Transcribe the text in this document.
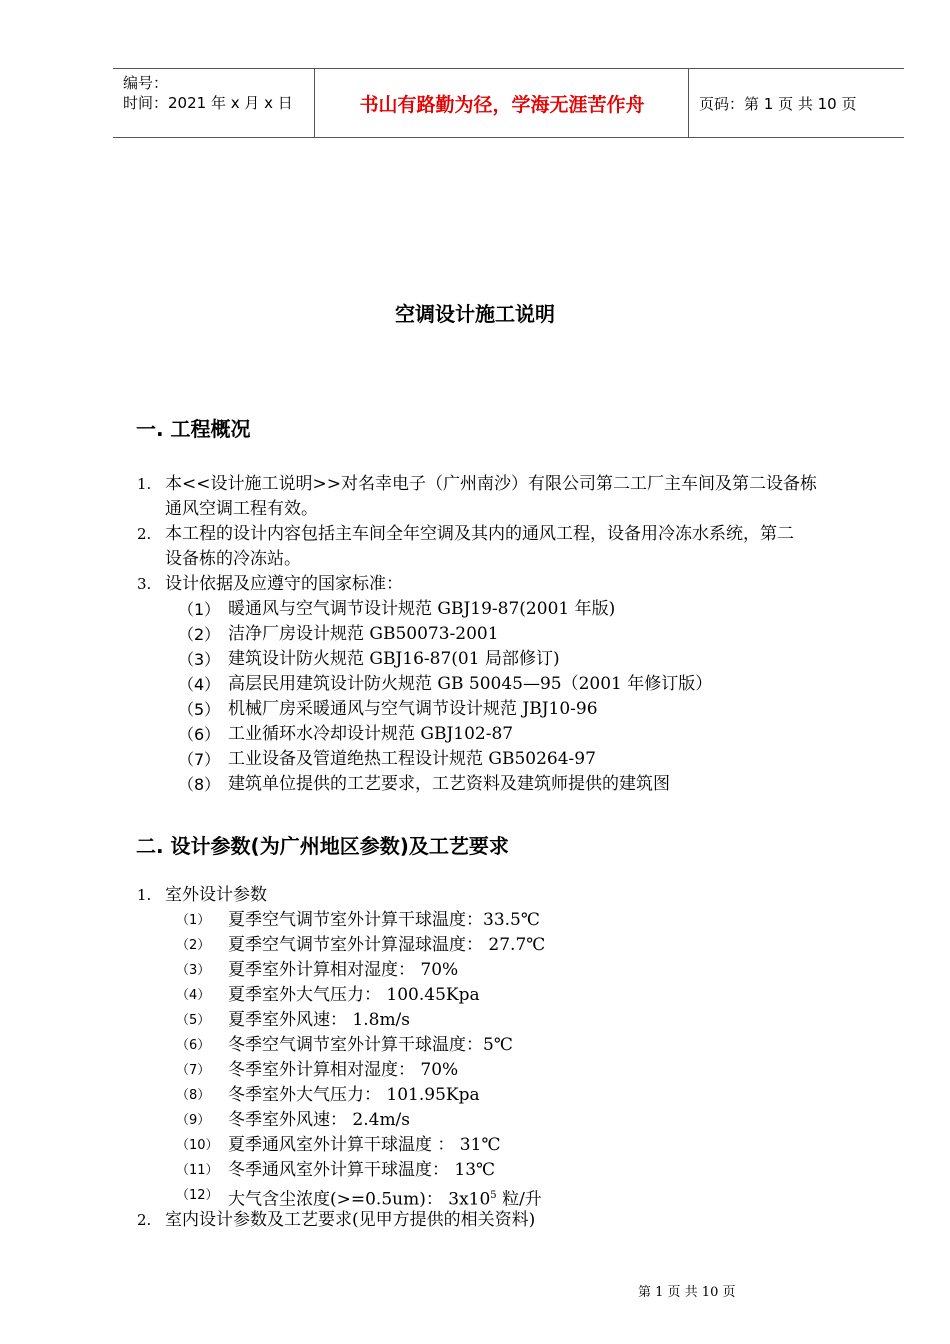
编号：
时间：2021 年 x 月 x 日	书山有路勤为径，学海无涯苦作舟	页码：第 1 页 共 10 页
空调设计施工说明
一. 工程概况
1. 本<<设计施工说明>>对名幸电子（广州南沙）有限公司第二工厂主车间及第二设备栋
通风空调工程有效。
2. 本工程的设计内容包括主车间全年空调及其内的通风工程，设备用冷冻水系统，第二
设备栋的冷冻站。
3. 设计依据及应遵守的国家标准：
（1） 暖通风与空气调节设计规范 GBJ19-87(2001 年版)
（2） 洁净厂房设计规范 GB50073-2001
（3） 建筑设计防火规范 GBJ16-87(01 局部修订)
（4） 高层民用建筑设计防火规范 GB 50045—95（2001 年修订版）
（5） 机械厂房采暖通风与空气调节设计规范 JBJ10-96
（6） 工业循环水冷却设计规范 GBJ102-87
（7） 工业设备及管道绝热工程设计规范 GB50264-97
（8） 建筑单位提供的工艺要求，工艺资料及建筑师提供的建筑图
二. 设计参数(为广州地区参数)及工艺要求
1. 室外设计参数
（1） 夏季空气调节室外计算干球温度：33.5℃
（2） 夏季空气调节室外计算湿球温度： 27.7℃
（3） 夏季室外计算相对湿度： 70%
（4） 夏季室外大气压力： 100.45Kpa
（5） 夏季室外风速： 1.8m/s
（6） 冬季空气调节室外计算干球温度：5℃
（7） 冬季室外计算相对湿度： 70%
（8） 冬季室外大气压力： 101.95Kpa
（9） 冬季室外风速： 2.4m/s
（10） 夏季通风室外计算干球温度 ： 31℃
（11） 冬季通风室外计算干球温度： 13℃
（12） 大气含尘浓度(>=0.5um)： $3x10^5$ 粒/升
2. 室内设计参数及工艺要求(见甲方提供的相关资料)
第 1 页 共 10 页
